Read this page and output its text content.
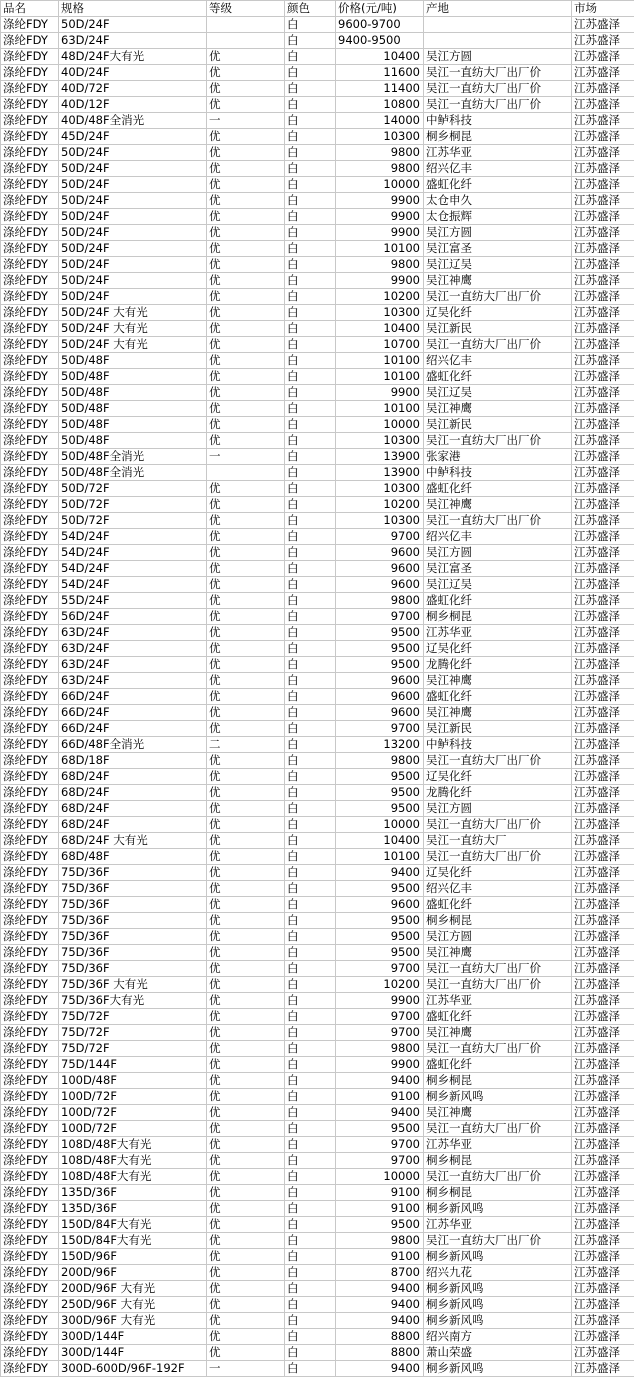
品名	规格	等级	颜色	价格(元/吨)	产地	市场
涤纶FDY	50D/24F		白	9600-9700		江苏盛泽
涤纶FDY	63D/24F		白	9400-9500		江苏盛泽
涤纶FDY	48D/24F大有光	优	白	10400	吴江方圆	江苏盛泽
涤纶FDY	40D/24F	优	白	11600	吴江一直纺大厂出厂价	江苏盛泽
涤纶FDY	40D/72F	优	白	11400	吴江一直纺大厂出厂价	江苏盛泽
涤纶FDY	40D/12F	优	白	10800	吴江一直纺大厂出厂价	江苏盛泽
涤纶FDY	40D/48F全消光	一	白	14000	中鲈科技	江苏盛泽
涤纶FDY	45D/24F	优	白	10300	桐乡桐昆	江苏盛泽
涤纶FDY	50D/24F	优	白	9800	江苏华亚	江苏盛泽
涤纶FDY	50D/24F	优	白	9800	绍兴亿丰	江苏盛泽
涤纶FDY	50D/24F	优	白	10000	盛虹化纤	江苏盛泽
涤纶FDY	50D/24F	优	白	9900	太仓申久	江苏盛泽
涤纶FDY	50D/24F	优	白	9900	太仓振辉	江苏盛泽
涤纶FDY	50D/24F	优	白	9900	吴江方圆	江苏盛泽
涤纶FDY	50D/24F	优	白	10100	吴江富圣	江苏盛泽
涤纶FDY	50D/24F	优	白	9800	吴江辽吴	江苏盛泽
涤纶FDY	50D/24F	优	白	9900	吴江神鹰	江苏盛泽
涤纶FDY	50D/24F	优	白	10200	吴江一直纺大厂出厂价	江苏盛泽
涤纶FDY	50D/24F 大有光	优	白	10300	辽吴化纤	江苏盛泽
涤纶FDY	50D/24F 大有光	优	白	10400	吴江新民	江苏盛泽
涤纶FDY	50D/24F 大有光	优	白	10700	吴江一直纺大厂出厂价	江苏盛泽
涤纶FDY	50D/48F	优	白	10100	绍兴亿丰	江苏盛泽
涤纶FDY	50D/48F	优	白	10100	盛虹化纤	江苏盛泽
涤纶FDY	50D/48F	优	白	9900	吴江辽吴	江苏盛泽
涤纶FDY	50D/48F	优	白	10100	吴江神鹰	江苏盛泽
涤纶FDY	50D/48F	优	白	10000	吴江新民	江苏盛泽
涤纶FDY	50D/48F	优	白	10300	吴江一直纺大厂出厂价	江苏盛泽
涤纶FDY	50D/48F全消光	一	白	13900	张家港	江苏盛泽
涤纶FDY	50D/48F全消光		白	13900	中鲈科技	江苏盛泽
涤纶FDY	50D/72F	优	白	10300	盛虹化纤	江苏盛泽
涤纶FDY	50D/72F	优	白	10200	吴江神鹰	江苏盛泽
涤纶FDY	50D/72F	优	白	10300	吴江一直纺大厂出厂价	江苏盛泽
涤纶FDY	54D/24F	优	白	9700	绍兴亿丰	江苏盛泽
涤纶FDY	54D/24F	优	白	9600	吴江方圆	江苏盛泽
涤纶FDY	54D/24F	优	白	9600	吴江富圣	江苏盛泽
涤纶FDY	54D/24F	优	白	9600	吴江辽吴	江苏盛泽
涤纶FDY	55D/24F	优	白	9800	盛虹化纤	江苏盛泽
涤纶FDY	56D/24F	优	白	9700	桐乡桐昆	江苏盛泽
涤纶FDY	63D/24F	优	白	9500	江苏华亚	江苏盛泽
涤纶FDY	63D/24F	优	白	9500	辽吴化纤	江苏盛泽
涤纶FDY	63D/24F	优	白	9500	龙腾化纤	江苏盛泽
涤纶FDY	63D/24F	优	白	9600	吴江神鹰	江苏盛泽
涤纶FDY	66D/24F	优	白	9600	盛虹化纤	江苏盛泽
涤纶FDY	66D/24F	优	白	9600	吴江神鹰	江苏盛泽
涤纶FDY	66D/24F	优	白	9700	吴江新民	江苏盛泽
涤纶FDY	66D/48F全消光	二	白	13200	中鲈科技	江苏盛泽
涤纶FDY	68D/18F	优	白	9800	吴江一直纺大厂出厂价	江苏盛泽
涤纶FDY	68D/24F	优	白	9500	辽吴化纤	江苏盛泽
涤纶FDY	68D/24F	优	白	9500	龙腾化纤	江苏盛泽
涤纶FDY	68D/24F	优	白	9500	吴江方圆	江苏盛泽
涤纶FDY	68D/24F	优	白	10000	吴江一直纺大厂出厂价	江苏盛泽
涤纶FDY	68D/24F 大有光	优	白	10400	吴江一直纺大厂	江苏盛泽
涤纶FDY	68D/48F	优	白	10100	吴江一直纺大厂出厂价	江苏盛泽
涤纶FDY	75D/36F	优	白	9400	辽吴化纤	江苏盛泽
涤纶FDY	75D/36F	优	白	9500	绍兴亿丰	江苏盛泽
涤纶FDY	75D/36F	优	白	9600	盛虹化纤	江苏盛泽
涤纶FDY	75D/36F	优	白	9500	桐乡桐昆	江苏盛泽
涤纶FDY	75D/36F	优	白	9500	吴江方圆	江苏盛泽
涤纶FDY	75D/36F	优	白	9500	吴江神鹰	江苏盛泽
涤纶FDY	75D/36F	优	白	9700	吴江一直纺大厂出厂价	江苏盛泽
涤纶FDY	75D/36F 大有光	优	白	10200	吴江一直纺大厂出厂价	江苏盛泽
涤纶FDY	75D/36F大有光	优	白	9900	江苏华亚	江苏盛泽
涤纶FDY	75D/72F	优	白	9700	盛虹化纤	江苏盛泽
涤纶FDY	75D/72F	优	白	9700	吴江神鹰	江苏盛泽
涤纶FDY	75D/72F	优	白	9800	吴江一直纺大厂出厂价	江苏盛泽
涤纶FDY	75D/144F	优	白	9900	盛虹化纤	江苏盛泽
涤纶FDY	100D/48F	优	白	9400	桐乡桐昆	江苏盛泽
涤纶FDY	100D/72F	优	白	9100	桐乡新风鸣	江苏盛泽
涤纶FDY	100D/72F	优	白	9400	吴江神鹰	江苏盛泽
涤纶FDY	100D/72F	优	白	9500	吴江一直纺大厂出厂价	江苏盛泽
涤纶FDY	108D/48F大有光	优	白	9700	江苏华亚	江苏盛泽
涤纶FDY	108D/48F大有光	优	白	9700	桐乡桐昆	江苏盛泽
涤纶FDY	108D/48F大有光	优	白	10000	吴江一直纺大厂出厂价	江苏盛泽
涤纶FDY	135D/36F	优	白	9100	桐乡桐昆	江苏盛泽
涤纶FDY	135D/36F	优	白	9100	桐乡新风鸣	江苏盛泽
涤纶FDY	150D/84F大有光	优	白	9500	江苏华亚	江苏盛泽
涤纶FDY	150D/84F大有光	优	白	9800	吴江一直纺大厂出厂价	江苏盛泽
涤纶FDY	150D/96F	优	白	9100	桐乡新风鸣	江苏盛泽
涤纶FDY	200D/96F	优	白	8700	绍兴九花	江苏盛泽
涤纶FDY	200D/96F 大有光	优	白	9400	桐乡新风鸣	江苏盛泽
涤纶FDY	250D/96F 大有光	优	白	9400	桐乡新风鸣	江苏盛泽
涤纶FDY	300D/96F 大有光	优	白	9400	桐乡新风鸣	江苏盛泽
涤纶FDY	300D/144F	优	白	8800	绍兴南方	江苏盛泽
涤纶FDY	300D/144F	优	白	8800	萧山荣盛	江苏盛泽
涤纶FDY	300D-600D/96F-192F	一	白	9400	桐乡新风鸣	江苏盛泽
